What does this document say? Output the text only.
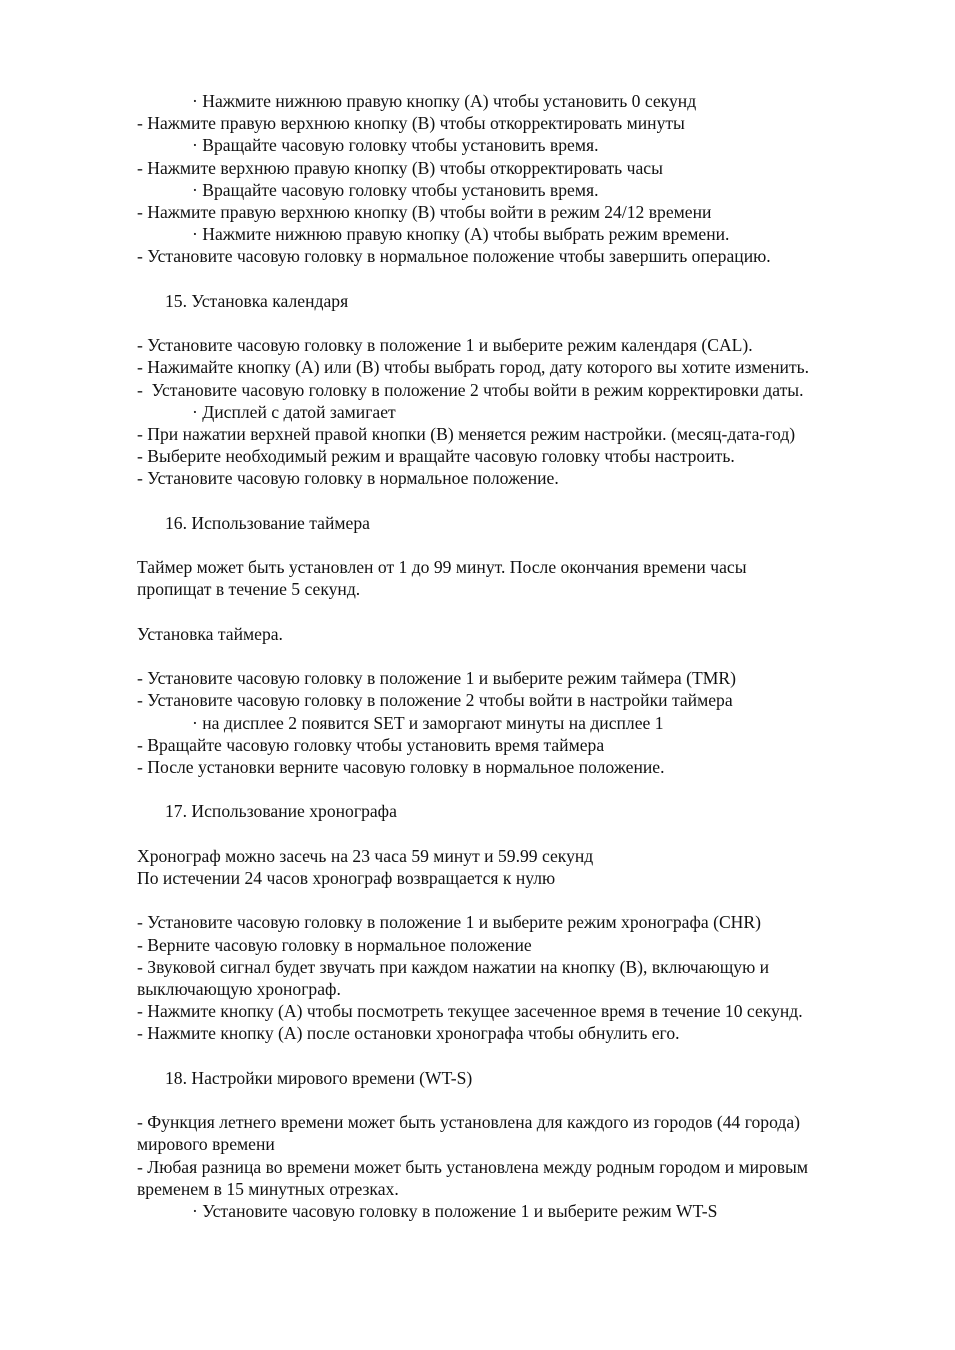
· Нажмите нижнюю правую кнопку (А) чтобы установить 0 секунд
- Нажмите правую верхнюю кнопку (В) чтобы откорректировать минуты
· Вращайте часовую головку чтобы установить время.
- Нажмите верхнюю правую кнопку (В) чтобы откорректировать часы
· Вращайте часовую головку чтобы установить время.
- Нажмите правую верхнюю кнопку (В) чтобы войти в режим 24/12 времени
· Нажмите нижнюю правую кнопку (А) чтобы выбрать режим времени.
- Установите часовую головку в нормальное положение чтобы завершить операцию.
15. Установка календаря
- Установите часовую головку в положение 1 и выберите режим календаря (CAL).
- Нажимайте кнопку (А) или (В) чтобы выбрать город, дату которого вы хотите изменить.
-  Установите часовую головку в положение 2 чтобы войти в режим корректировки даты.
· Дисплей с датой замигает
- При нажатии верхней правой кнопки (В) меняется режим настройки. (месяц-дата-год)
- Выберите необходимый режим и вращайте часовую головку чтобы настроить.
- Установите часовую головку в нормальное положение.
16. Использование таймера
Таймер может быть установлен от 1 до 99 минут. После окончания времени часы
пропищат в течение 5 секунд.
Установка таймера.
- Установите часовую головку в положение 1 и выберите режим таймера (TMR)
- Установите часовую головку в положение 2 чтобы войти в настройки таймера
· на дисплее 2 появится SET и заморгают минуты на дисплее 1
- Вращайте часовую головку чтобы установить время таймера
- После установки верните часовую головку в нормальное положение.
17. Использование хронографа
Хронограф можно засечь на 23 часа 59 минут и 59.99 секунд
По истечении 24 часов хронограф возвращается к нулю
- Установите часовую головку в положение 1 и выберите режим хронографа (CHR)
- Верните часовую головку в нормальное положение
- Звуковой сигнал будет звучать при каждом нажатии на кнопку (В), включающую и
выключающую хронограф.
- Нажмите кнопку (А) чтобы посмотреть текущее засеченное время в течение 10 секунд.
- Нажмите кнопку (А) после остановки хронографа чтобы обнулить его.
18. Настройки мирового времени (WT-S)
- Функция летнего времени может быть установлена для каждого из городов (44 города)
мирового времени
- Любая разница во времени может быть установлена между родным городом и мировым
временем в 15 минутных отрезках.
· Установите часовую головку в положение 1 и выберите режим WT-S
